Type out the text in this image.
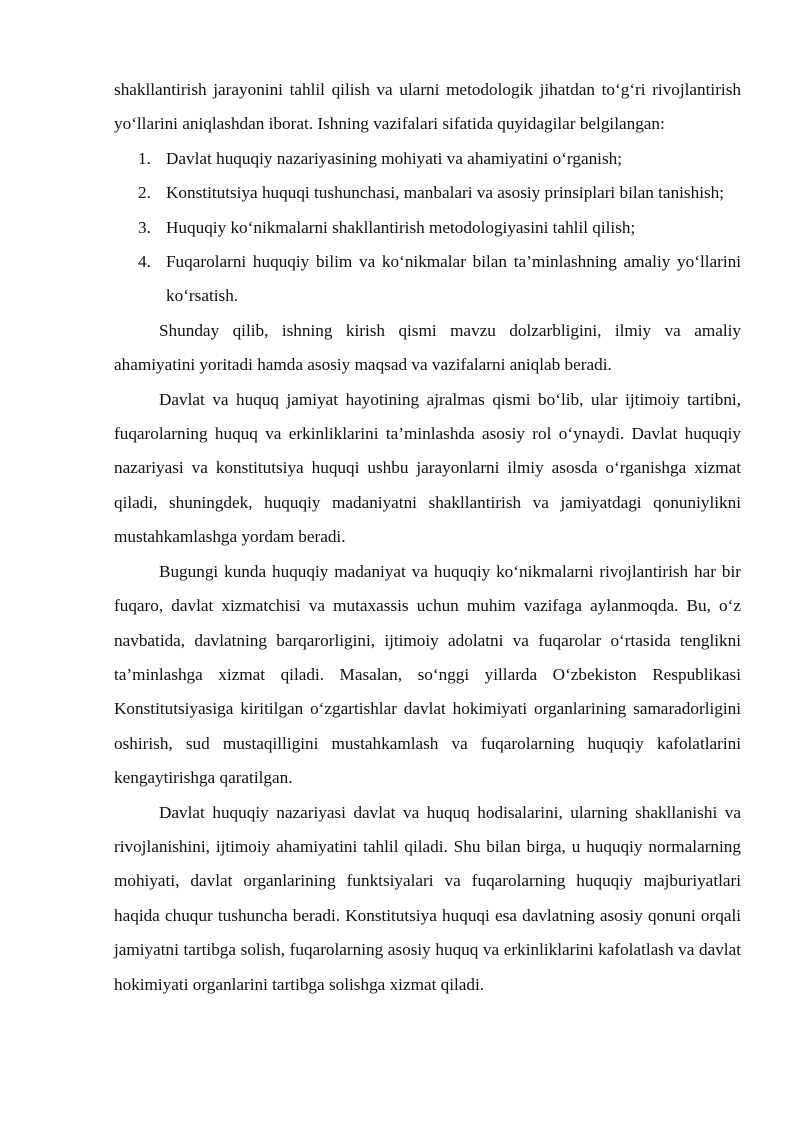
shakllantirish jarayonini tahlil qilish va ularni metodologik jihatdan to‘g‘ri rivojlantirish yo‘llarini aniqlashdan iborat. Ishning vazifalari sifatida quyidagilar belgilangan:

1. Davlat huquqiy nazariyasining mohiyati va ahamiyatini o‘rganish;
2. Konstitutsiya huquqi tushunchasi, manbalari va asosiy prinsiplari bilan tanishish;
3. Huquqiy ko‘nikmalarni shakllantirish metodologiyasini tahlil qilish;
4. Fuqarolarni huquqiy bilim va ko‘nikmalar bilan ta’minlashning amaliy yo‘llarini ko‘rsatish.

Shunday qilib, ishning kirish qismi mavzu dolzarbligini, ilmiy va amaliy ahamiyatini yoritadi hamda asosiy maqsad va vazifalarni aniqlab beradi.

Davlat va huquq jamiyat hayotining ajralmas qismi bo‘lib, ular ijtimoiy tartibni, fuqarolarning huquq va erkinliklarini ta’minlashda asosiy rol o‘ynaydi. Davlat huquqiy nazariyasi va konstitutsiya huquqi ushbu jarayonlarni ilmiy asosda o‘rganishga xizmat qiladi, shuningdek, huquqiy madaniyatni shakllantirish va jamiyatdagi qonuniylikni mustahkamlashga yordam beradi.

Bugungi kunda huquqiy madaniyat va huquqiy ko‘nikmalarni rivojlantirish har bir fuqaro, davlat xizmatchisi va mutaxassis uchun muhim vazifaga aylanmoqda. Bu, o‘z navbatida, davlatning barqarorligini, ijtimoiy adolatni va fuqarolar o‘rtasida tenglikni ta’minlashga xizmat qiladi. Masalan, so‘nggi yillarda O‘zbekiston Respublikasi Konstitutsiyasiga kiritilgan o‘zgartishlar davlat hokimiyati organlarining samaradorligini oshirish, sud mustaqilligini mustahkamlash va fuqarolarning huquqiy kafolatlarini kengaytirishga qaratilgan.

Davlat huquqiy nazariyasi davlat va huquq hodisalarini, ularning shakllanishi va rivojlanishini, ijtimoiy ahamiyatini tahlil qiladi. Shu bilan birga, u huquqiy normalarning mohiyati, davlat organlarining funktsiyalari va fuqarolarning huquqiy majburiyatlari haqida chuqur tushuncha beradi. Konstitutsiya huquqi esa davlatning asosiy qonuni orqali jamiyatni tartibga solish, fuqarolarning asosiy huquq va erkinliklarini kafolatlash va davlat hokimiyati organlarini tartibga solishga xizmat qiladi.
